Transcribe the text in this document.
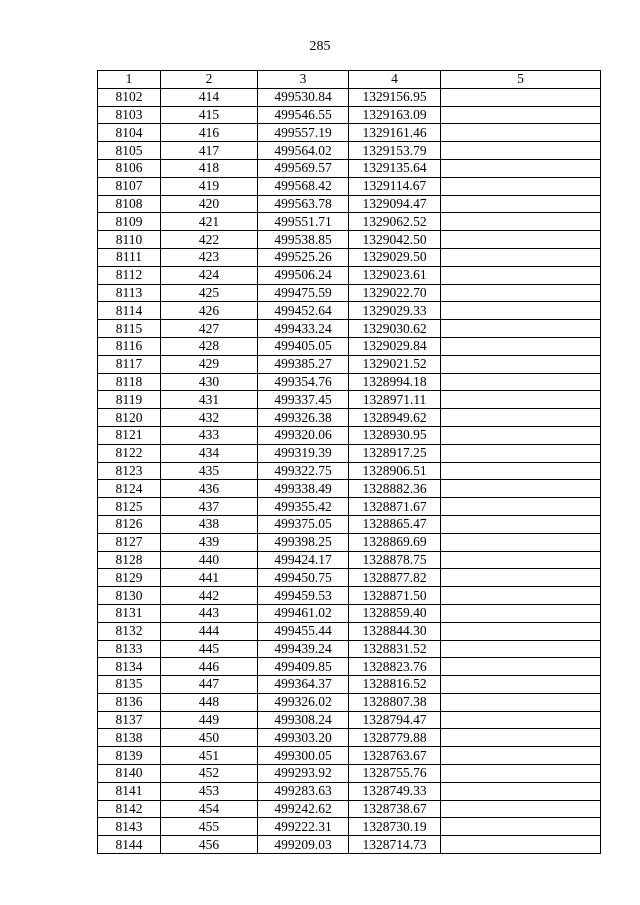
285
1	2	3	4	5
8102	414	499530.84	1329156.95	
8103	415	499546.55	1329163.09	
8104	416	499557.19	1329161.46	
8105	417	499564.02	1329153.79	
8106	418	499569.57	1329135.64	
8107	419	499568.42	1329114.67	
8108	420	499563.78	1329094.47	
8109	421	499551.71	1329062.52	
8110	422	499538.85	1329042.50	
8111	423	499525.26	1329029.50	
8112	424	499506.24	1329023.61	
8113	425	499475.59	1329022.70	
8114	426	499452.64	1329029.33	
8115	427	499433.24	1329030.62	
8116	428	499405.05	1329029.84	
8117	429	499385.27	1329021.52	
8118	430	499354.76	1328994.18	
8119	431	499337.45	1328971.11	
8120	432	499326.38	1328949.62	
8121	433	499320.06	1328930.95	
8122	434	499319.39	1328917.25	
8123	435	499322.75	1328906.51	
8124	436	499338.49	1328882.36	
8125	437	499355.42	1328871.67	
8126	438	499375.05	1328865.47	
8127	439	499398.25	1328869.69	
8128	440	499424.17	1328878.75	
8129	441	499450.75	1328877.82	
8130	442	499459.53	1328871.50	
8131	443	499461.02	1328859.40	
8132	444	499455.44	1328844.30	
8133	445	499439.24	1328831.52	
8134	446	499409.85	1328823.76	
8135	447	499364.37	1328816.52	
8136	448	499326.02	1328807.38	
8137	449	499308.24	1328794.47	
8138	450	499303.20	1328779.88	
8139	451	499300.05	1328763.67	
8140	452	499293.92	1328755.76	
8141	453	499283.63	1328749.33	
8142	454	499242.62	1328738.67	
8143	455	499222.31	1328730.19	
8144	456	499209.03	1328714.73	
